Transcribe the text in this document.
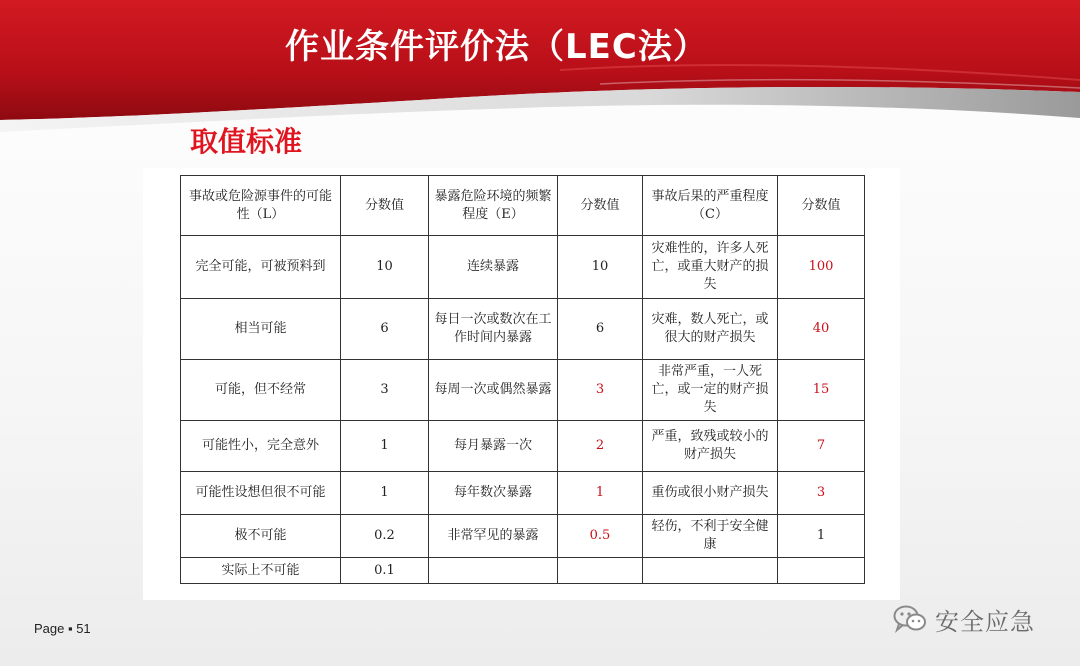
作业条件评价法（LEC法）
取值标准
事故或危险源事件的可能性（L）	分数值	暴露危险环境的频繁程度（E）	分数值	事故后果的严重程度（C）	分数值
完全可能，可被预料到	10	连续暴露	10	灾难性的，许多人死亡，或重大财产的损失	100
相当可能	6	每日一次或数次在工作时间内暴露	6	灾难，数人死亡，或很大的财产损失	40
可能，但不经常	3	每周一次或偶然暴露	3	非常严重，一人死亡，或一定的财产损失	15
可能性小，完全意外	1	每月暴露一次	2	严重，致残或较小的财产损失	7
可能性设想但很不可能	1	每年数次暴露	1	重伤或很小财产损失	3
极不可能	0.2	非常罕见的暴露	0.5	轻伤，不利于安全健康	1
实际上不可能	0.1				
Page ▪ 51	安全应急
